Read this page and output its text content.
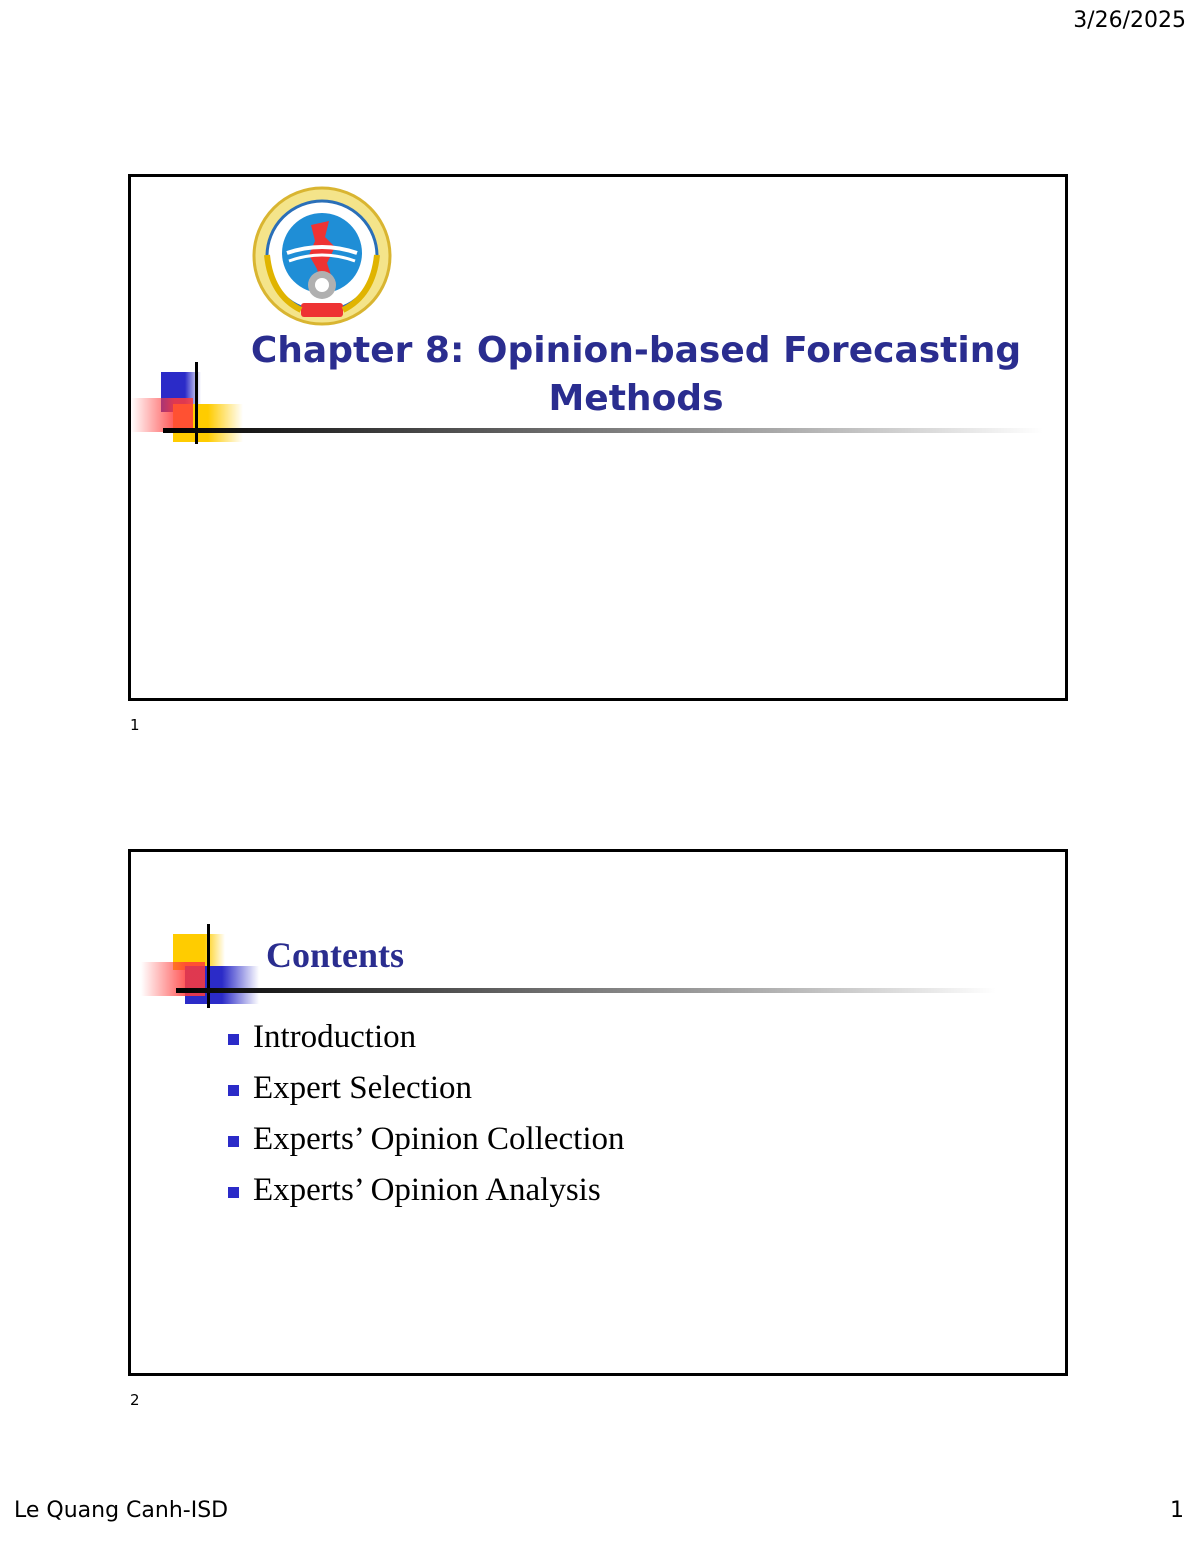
3/26/2025
Chapter 8: Opinion-based Forecasting
Methods
1
Contents
Introduction
Expert Selection
Experts’ Opinion Collection
Experts’ Opinion Analysis
2
Le Quang Canh-ISD	1
